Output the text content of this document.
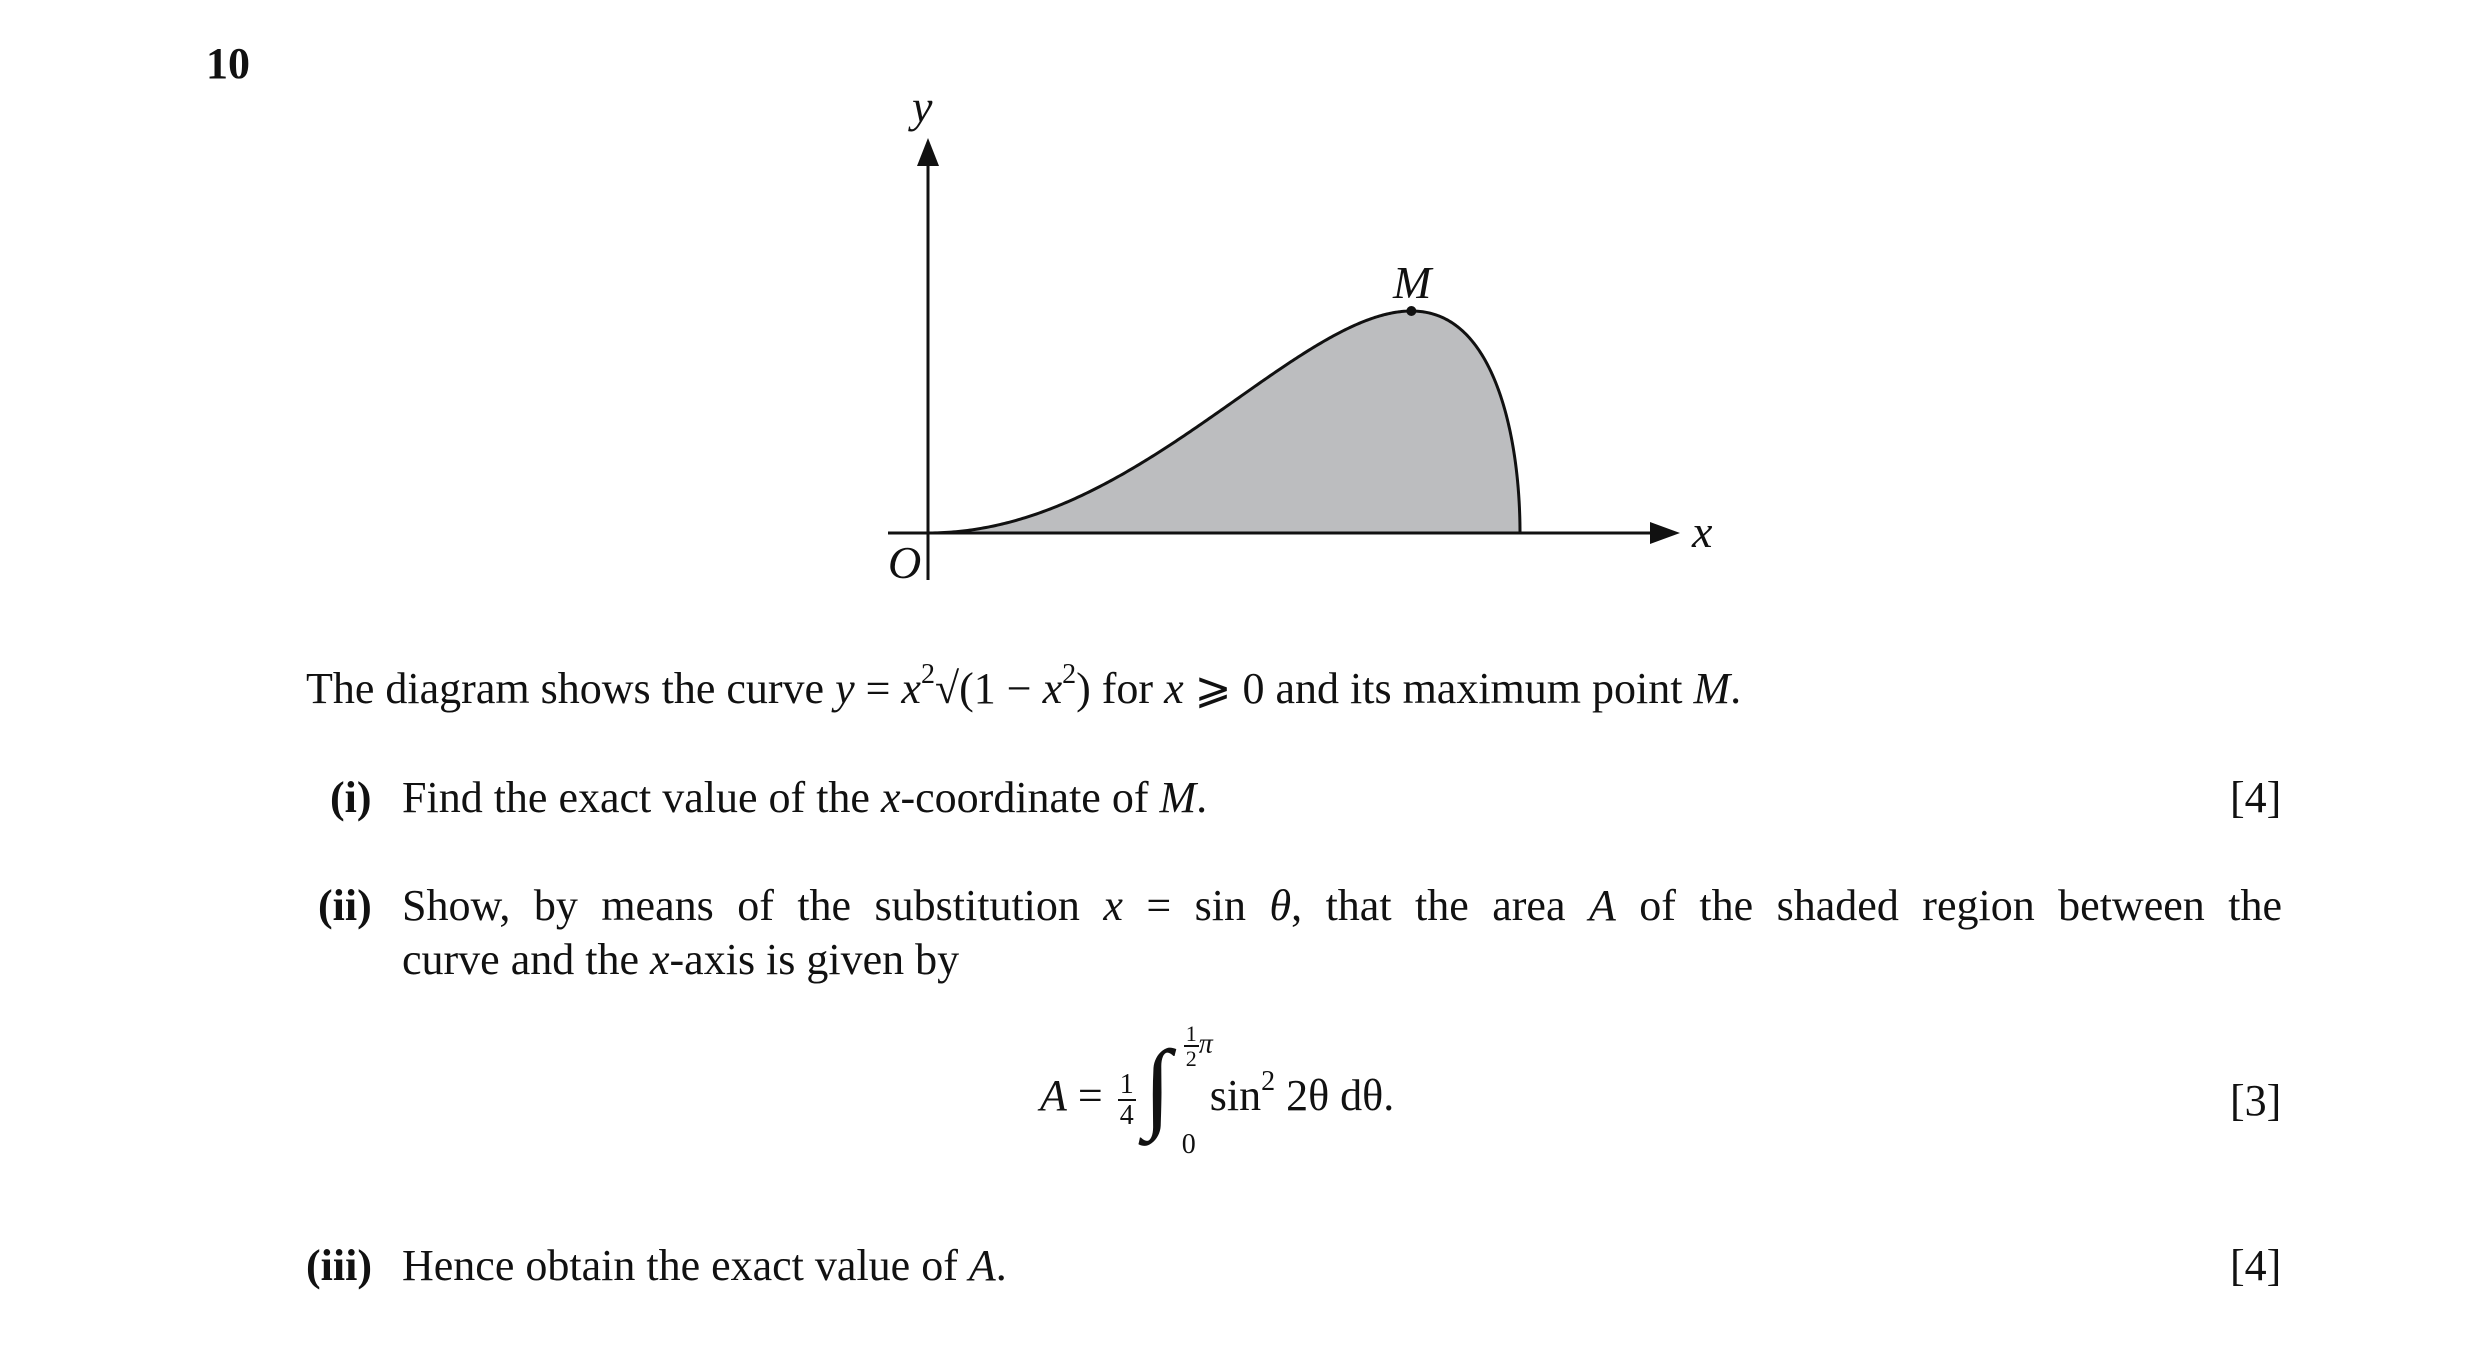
10
y
x
O
M
The diagram shows the curve $y = x^2√(1 - x^2)$ for x ⩾ 0 and its maximum point M.
(i) Find the exact value of the x-coordinate of M.	[4]
(ii) Show, by means of the substitution x = sin θ, that the area A of the shaded region between the
curve and the x-axis is given by
$A = \frac{1}{4}$ ∫ $\frac{1}{2}$ π
0
$\sin^2 2\theta$ dθ.	[3]
(iii) Hence obtain the exact value of A.	[4]
